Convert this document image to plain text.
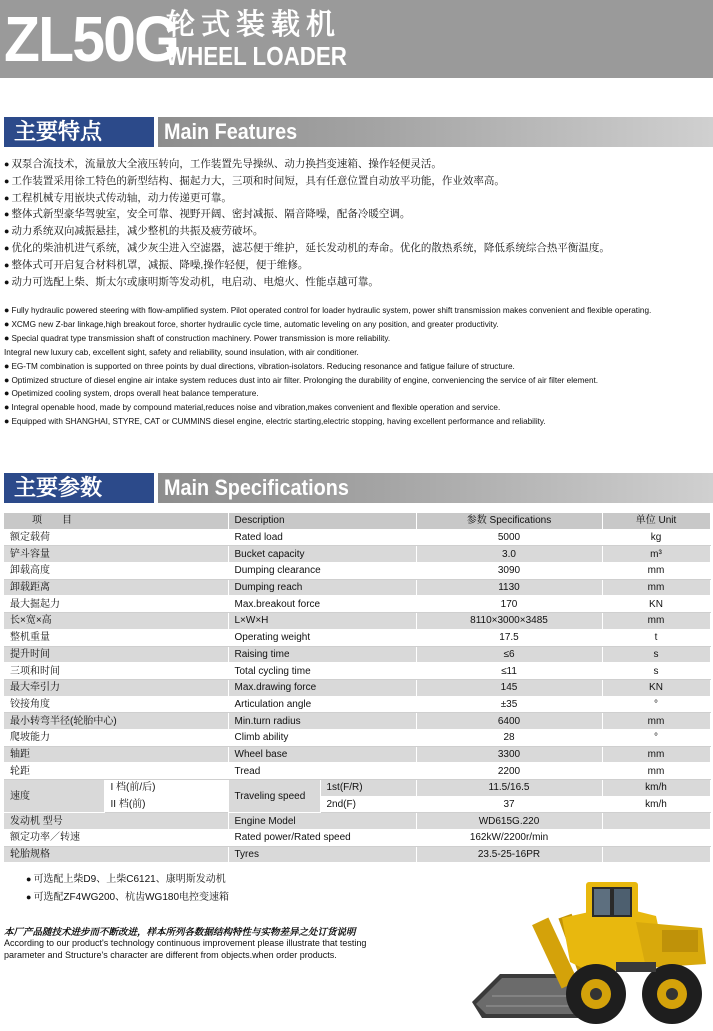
ZL50G
轮式装载机
WHEEL LOADER
主要特点	Main Features
● 双泵合流技术，流量放大全液压转向，工作装置先导操纵、动力换挡变速箱、操作轻便灵活。
● 工作装置采用徐工特色的新型结构、掘起力大，三项和时间短，具有任意位置自动放平功能，作业效率高。
● 工程机械专用嵌块式传动轴，动力传递更可靠。
● 整体式新型豪华驾驶室，安全可靠、视野开阔、密封减振、隔音降噪，配备冷暖空调。
● 动力系统双向减振悬挂，减少整机的共振及疲劳破坏。
● 优化的柴油机进气系统，减少灰尘进入空滤器，滤芯便于维护，延长发动机的寿命。优化的散热系统，降低系统综合热平衡温度。
● 整体式可开启复合材料机罩，减振、降噪,操作轻便，便于维修。
● 动力可选配上柴、斯太尔或康明斯等发动机，电启动、电熄火、性能卓越可靠。
● Fully hydraulic powered steering with flow-amplified system. Pilot operated control for loader hydraulic system, power shift transmission makes convenient and flexible operating.
● XCMG new Z-bar linkage,high breakout force, shorter hydraulic cycle time, automatic leveling on any position, and greater productivity.
● Special quadrat type transmission shaft of construction machinery. Power transmission is more reliability.
Integral new luxury cab, excellent sight, safety and reliability, sound insulation, with air conditioner.
● EG-TM combination is supported on three points by dual directions, vibration-isolators. Reducing resonance and fatigue failure of structure.
● Optimized structure of diesel engine air intake system reduces dust into air filter. Prolonging the durability of engine, conveniencing the service of air filter element.
● Opetimized cooling system, drops overall heat balance temperature.
● Integral openable hood, made by compound material,reduces noise and vibration,makes convenient and flexible operation and service.
● Equipped with SHANGHAI, STYRE, CAT or CUMMINS diesel engine, electric starting,electric stopping, having excellent performance and reliability.
主要参数	Main Specifications
项　　目		Description		参数 Specifications	单位 Unit
额定载荷		Rated load		5000	kg
铲斗容量		Bucket capacity		3.0	m³
卸载高度		Dumping clearance		3090	mm
卸载距离		Dumping reach		1130	mm
最大掘起力		Max.breakout force		170	KN
长×宽×高		L×W×H		8110×3000×3485	mm
整机重量		Operating weight		17.5	t
提升时间		Raising time		≤6	s
三项和时间		Total cycling time		≤11	s
最大牵引力		Max.drawing force		145	KN
铰接角度		Articulation angle		±35	°
最小转弯半径(轮胎中心)		Min.turn radius		6400	mm
爬坡能力		Climb ability		28	°
轴距		Wheel base		3300	mm
轮距		Tread		2200	mm
速度	I 档(前/后)	Traveling speed	1st(F/R)	11.5/16.5	km/h
	II 档(前)		2nd(F)	37	km/h
发动机 型号		Engine Model		WD615G.220	
额定功率／转速		Rated power/Rated speed		162kW/2200r/min	
轮胎规格		Tyres		23.5-25-16PR	
● 可选配上柴D9、上柴C6121、康明斯发动机
● 可选配ZF4WG200、杭齿WG180电控变速箱
本厂产品随技术进步而不断改进，样本所列各数据结构特性与实物差异之处订货说明
According to our product's technology continuous improvement please illustrate that testing parameter and Structure's character are different from objects.when order products.
